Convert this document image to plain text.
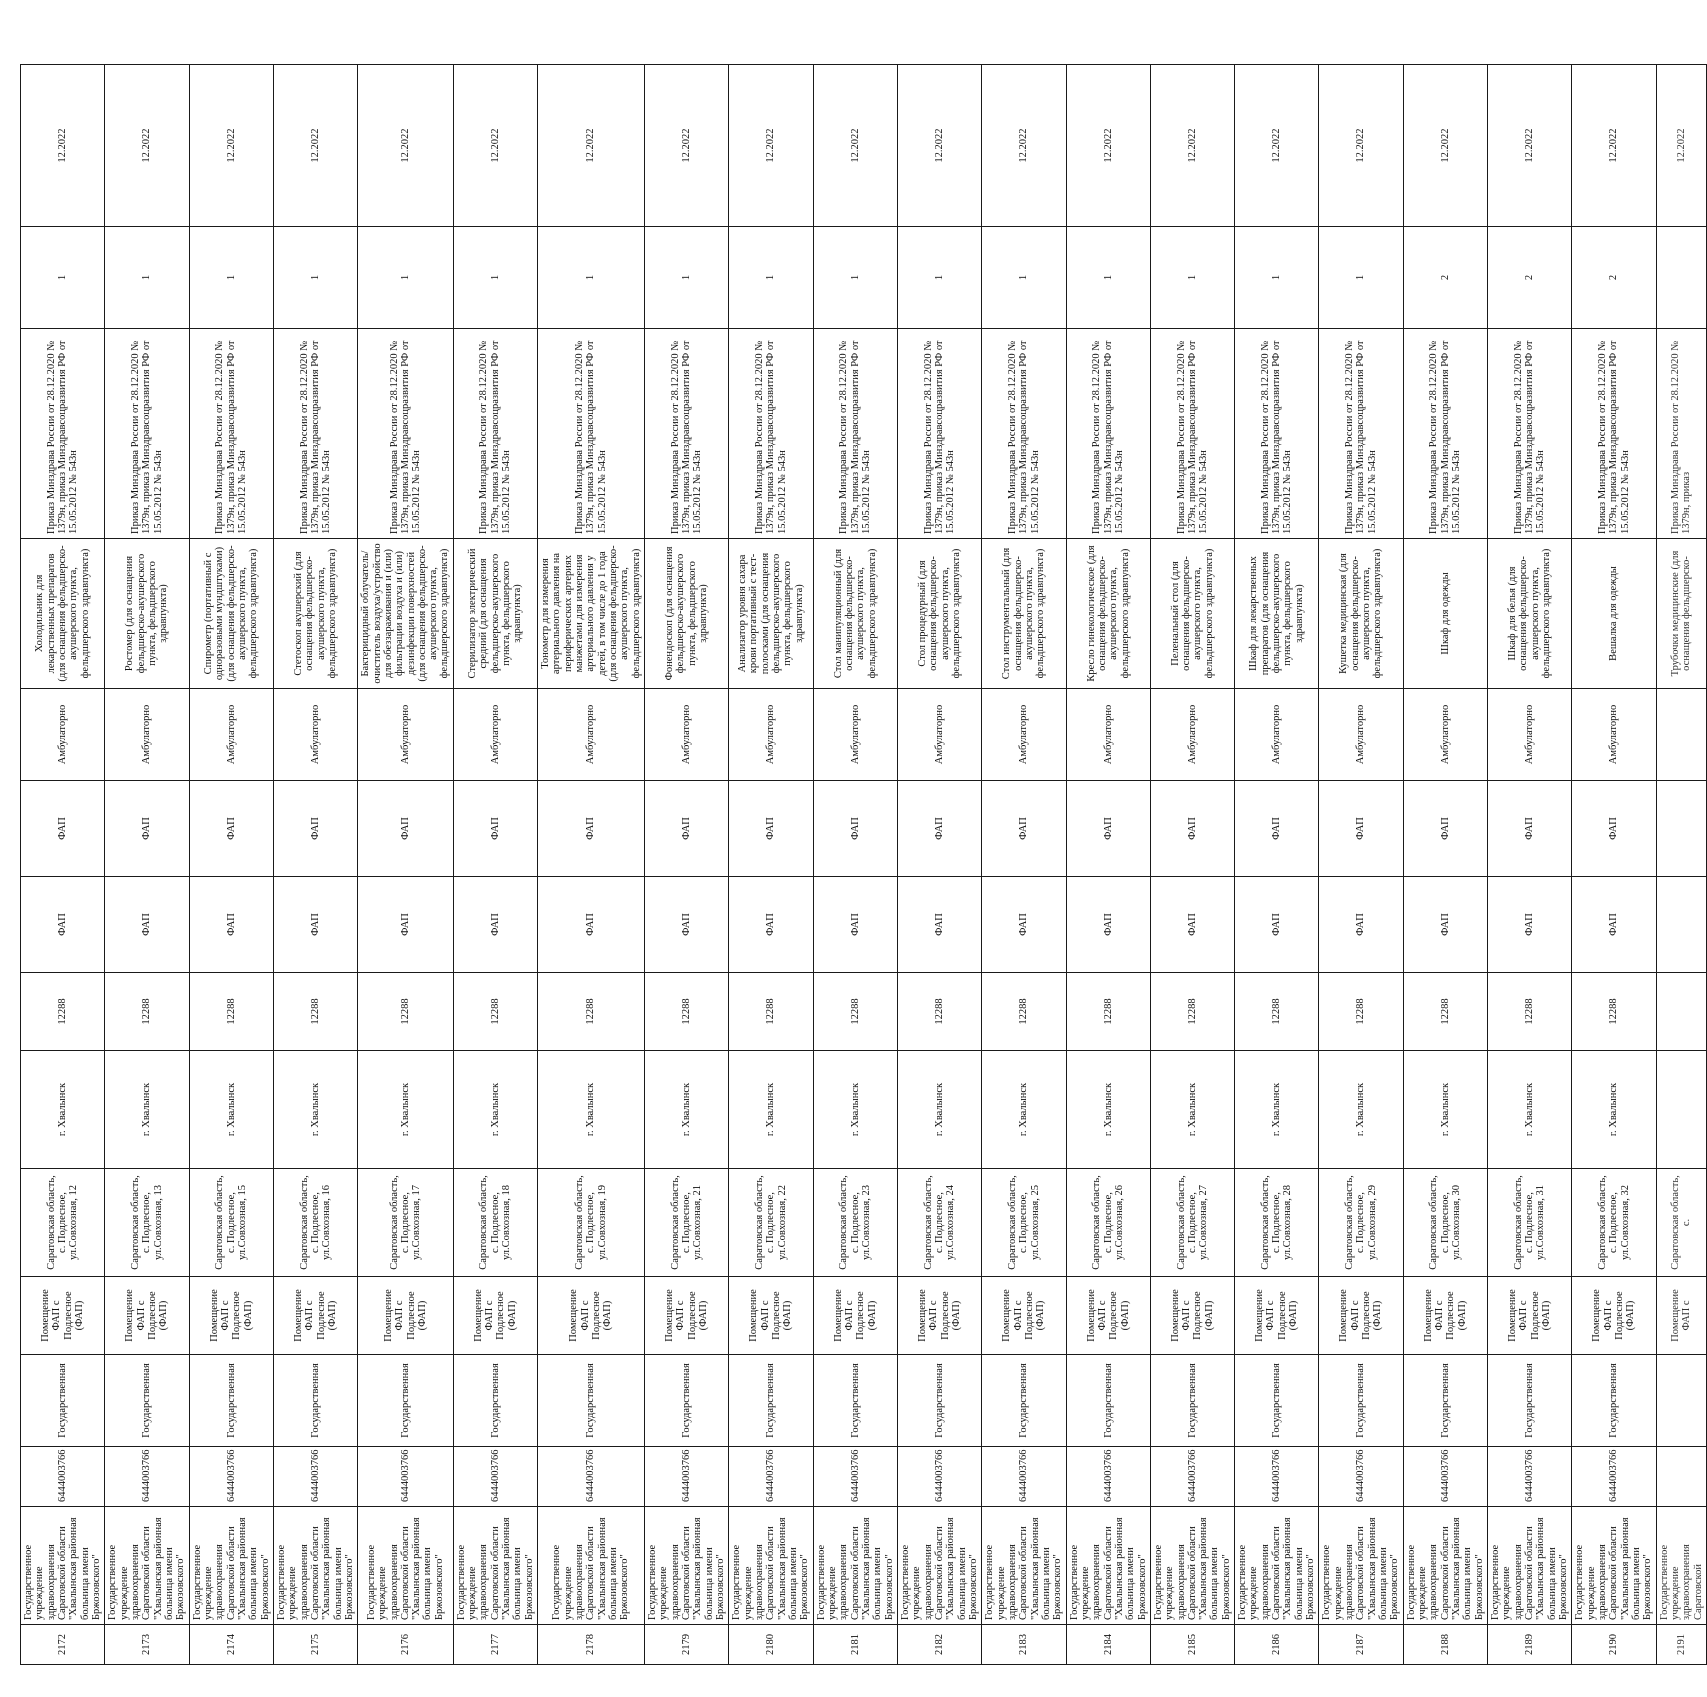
2172	Государственное учреждение здравоохранения Саратовской области "Хвалынская районная больница имени Бржозовского"	6444003766	Государственная	Помещение ФАП с Подлесное (ФАП)	Саратовская область, с. Подлесное, ул.Совхозная, 12	г. Хвалынск	12288	ФАП	ФАП	Амбулаторно	Холодильник для лекарственных препаратов (для оснащения фельдшерско-акушерского пункта, фельдшерского здравпункта)	Приказ Минздрава России от 28.12.2020 № 1379н, приказ Минздравсоцразвития РФ от 15.05.2012 № 543н	1	12.2022
2173	Государственное учреждение здравоохранения Саратовской области "Хвалынская районная больница имени Бржозовского"	6444003766	Государственная	Помещение ФАП с Подлесное (ФАП)	Саратовская область, с. Подлесное, ул.Совхозная, 13	г. Хвалынск	12288	ФАП	ФАП	Амбулаторно	Ростомер (для оснащения фельдшерско-акушерского пункта, фельдшерского здравпункта)	Приказ Минздрава России от 28.12.2020 № 1379н, приказ Минздравсоцразвития РФ от 15.05.2012 № 543н	1	12.2022
2174	Государственное учреждение здравоохранения Саратовской области "Хвалынская районная больница имени Бржозовского"	6444003766	Государственная	Помещение ФАП с Подлесное (ФАП)	Саратовская область, с. Подлесное, ул.Совхозная, 15	г. Хвалынск	12288	ФАП	ФАП	Амбулаторно	Спирометр (портативный с одноразовыми мундштуками) (для оснащения фельдшерско-акушерского пункта, фельдшерского здравпункта)	Приказ Минздрава России от 28.12.2020 № 1379н, приказ Минздравсоцразвития РФ от 15.05.2012 № 543н	1	12.2022
2175	Государственное учреждение здравоохранения Саратовской области "Хвалынская районная больница имени Бржозовского"	6444003766	Государственная	Помещение ФАП с Подлесное (ФАП)	Саратовская область, с. Подлесное, ул.Совхозная, 16	г. Хвалынск	12288	ФАП	ФАП	Амбулаторно	Стетоскоп акушерский (для оснащения фельдшерско-акушерского пункта, фельдшерского здравпункта)	Приказ Минздрава России от 28.12.2020 № 1379н, приказ Минздравсоцразвития РФ от 15.05.2012 № 543н	1	12.2022
2176	Государственное учреждение здравоохранения Саратовской области "Хвалынская районная больница имени Бржозовского"	6444003766	Государственная	Помещение ФАП с Подлесное (ФАП)	Саратовская область, с. Подлесное, ул.Совхозная, 17	г. Хвалынск	12288	ФАП	ФАП	Амбулаторно	Бактерицидный облучатель/очиститель воздуха/устройство для обеззараживания и (или) фильтрации воздуха и (или) дезинфекции поверхностей (для оснащения фельдшерско-акушерского пункта, фельдшерского здравпункта)	Приказ Минздрава России от 28.12.2020 № 1379н, приказ Минздравсоцразвития РФ от 15.05.2012 № 543н	1	12.2022
2177	Государственное учреждение здравоохранения Саратовской области "Хвалынская районная больница имени Бржозовского"	6444003766	Государственная	Помещение ФАП с Подлесное (ФАП)	Саратовская область, с. Подлесное, ул.Совхозная, 18	г. Хвалынск	12288	ФАП	ФАП	Амбулаторно	Стерилизатор электрический средний (для оснащения фельдшерско-акушерского пункта, фельдшерского здравпункта)	Приказ Минздрава России от 28.12.2020 № 1379н, приказ Минздравсоцразвития РФ от 15.05.2012 № 543н	1	12.2022
2178	Государственное учреждение здравоохранения Саратовской области "Хвалынская районная больница имени Бржозовского"	6444003766	Государственная	Помещение ФАП с Подлесное (ФАП)	Саратовская область, с. Подлесное, ул.Совхозная, 19	г. Хвалынск	12288	ФАП	ФАП	Амбулаторно	Тонометр для измерения артериального давления на периферических артериях манжетами для измерения артериального давления у детей, в том числе до 1 года (для оснащения фельдшерско-акушерского пункта, фельдшерского здравпункта)	Приказ Минздрава России от 28.12.2020 № 1379н, приказ Минздравсоцразвития РФ от 15.05.2012 № 543н	1	12.2022
2179	Государственное учреждение здравоохранения Саратовской области "Хвалынская районная больница имени Бржозовского"	6444003766	Государственная	Помещение ФАП с Подлесное (ФАП)	Саратовская область, с. Подлесное, ул.Совхозная, 21	г. Хвалынск	12288	ФАП	ФАП	Амбулаторно	Фонендоскоп (для оснащения фельдшерско-акушерского пункта, фельдшерского здравпункта)	Приказ Минздрава России от 28.12.2020 № 1379н, приказ Минздравсоцразвития РФ от 15.05.2012 № 543н	1	12.2022
2180	Государственное учреждение здравоохранения Саратовской области "Хвалынская районная больница имени Бржозовского"	6444003766	Государственная	Помещение ФАП с Подлесное (ФАП)	Саратовская область, с. Подлесное, ул.Совхозная, 22	г. Хвалынск	12288	ФАП	ФАП	Амбулаторно	Анализатор уровня сахара крови портативный с тест-полосками (для оснащения фельдшерско-акушерского пункта, фельдшерского здравпункта)	Приказ Минздрава России от 28.12.2020 № 1379н, приказ Минздравсоцразвития РФ от 15.05.2012 № 543н	1	12.2022
2181	Государственное учреждение здравоохранения Саратовской области "Хвалынская районная больница имени Бржозовского"	6444003766	Государственная	Помещение ФАП с Подлесное (ФАП)	Саратовская область, с. Подлесное, ул.Совхозная, 23	г. Хвалынск	12288	ФАП	ФАП	Амбулаторно	Стол манипуляционный (для оснащения фельдшерско-акушерского пункта, фельдшерского здравпункта)	Приказ Минздрава России от 28.12.2020 № 1379н, приказ Минздравсоцразвития РФ от 15.05.2012 № 543н	1	12.2022
2182	Государственное учреждение здравоохранения Саратовской области "Хвалынская районная больница имени Бржозовского"	6444003766	Государственная	Помещение ФАП с Подлесное (ФАП)	Саратовская область, с. Подлесное, ул.Совхозная, 24	г. Хвалынск	12288	ФАП	ФАП	Амбулаторно	Стол процедурный (для оснащения фельдшерско-акушерского пункта, фельдшерского здравпункта)	Приказ Минздрава России от 28.12.2020 № 1379н, приказ Минздравсоцразвития РФ от 15.05.2012 № 543н	1	12.2022
2183	Государственное учреждение здравоохранения Саратовской области "Хвалынская районная больница имени Бржозовского"	6444003766	Государственная	Помещение ФАП с Подлесное (ФАП)	Саратовская область, с. Подлесное, ул.Совхозная, 25	г. Хвалынск	12288	ФАП	ФАП	Амбулаторно	Стол инструментальный (для оснащения фельдшерско-акушерского пункта, фельдшерского здравпункта)	Приказ Минздрава России от 28.12.2020 № 1379н, приказ Минздравсоцразвития РФ от 15.05.2012 № 543н	1	12.2022
2184	Государственное учреждение здравоохранения Саратовской области "Хвалынская районная больница имени Бржозовского"	6444003766	Государственная	Помещение ФАП с Подлесное (ФАП)	Саратовская область, с. Подлесное, ул.Совхозная, 26	г. Хвалынск	12288	ФАП	ФАП	Амбулаторно	Кресло гинекологическое (для оснащения фельдшерско-акушерского пункта, фельдшерского здравпункта)	Приказ Минздрава России от 28.12.2020 № 1379н, приказ Минздравсоцразвития РФ от 15.05.2012 № 543н	1	12.2022
2185	Государственное учреждение здравоохранения Саратовской области "Хвалынская районная больница имени Бржозовского"	6444003766	Государственная	Помещение ФАП с Подлесное (ФАП)	Саратовская область, с. Подлесное, ул.Совхозная, 27	г. Хвалынск	12288	ФАП	ФАП	Амбулаторно	Пеленальный стол (для оснащения фельдшерско-акушерского пункта, фельдшерского здравпункта)	Приказ Минздрава России от 28.12.2020 № 1379н, приказ Минздравсоцразвития РФ от 15.05.2012 № 543н	1	12.2022
2186	Государственное учреждение здравоохранения Саратовской области "Хвалынская районная больница имени Бржозовского"	6444003766	Государственная	Помещение ФАП с Подлесное (ФАП)	Саратовская область, с. Подлесное, ул.Совхозная, 28	г. Хвалынск	12288	ФАП	ФАП	Амбулаторно	Шкаф для лекарственных препаратов (для оснащения фельдшерско-акушерского пункта, фельдшерского здравпункта)	Приказ Минздрава России от 28.12.2020 № 1379н, приказ Минздравсоцразвития РФ от 15.05.2012 № 543н	1	12.2022
2187	Государственное учреждение здравоохранения Саратовской области "Хвалынская районная больница имени Бржозовского"	6444003766	Государственная	Помещение ФАП с Подлесное (ФАП)	Саратовская область, с. Подлесное, ул.Совхозная, 29	г. Хвалынск	12288	ФАП	ФАП	Амбулаторно	Кушетка медицинская (для оснащения фельдшерско-акушерского пункта, фельдшерского здравпункта)	Приказ Минздрава России от 28.12.2020 № 1379н, приказ Минздравсоцразвития РФ от 15.05.2012 № 543н	1	12.2022
2188	Государственное учреждение здравоохранения Саратовской области "Хвалынская районная больница имени Бржозовского"	6444003766	Государственная	Помещение ФАП с Подлесное (ФАП)	Саратовская область, с. Подлесное, ул.Совхозная, 30	г. Хвалынск	12288	ФАП	ФАП	Амбулаторно	Шкаф для одежды	Приказ Минздрава России от 28.12.2020 № 1379н, приказ Минздравсоцразвития РФ от 15.05.2012 № 543н	2	12.2022
2189	Государственное учреждение здравоохранения Саратовской области "Хвалынская районная больница имени Бржозовского"	6444003766	Государственная	Помещение ФАП с Подлесное (ФАП)	Саратовская область, с. Подлесное, ул.Совхозная, 31	г. Хвалынск	12288	ФАП	ФАП	Амбулаторно	Шкаф для белья (для оснащения фельдшерско-акушерского пункта, фельдшерского здравпункта)	Приказ Минздрава России от 28.12.2020 № 1379н, приказ Минздравсоцразвития РФ от 15.05.2012 № 543н	2	12.2022
2190	Государственное учреждение здравоохранения Саратовской области "Хвалынская районная больница имени Бржозовского"	6444003766	Государственная	Помещение ФАП с Подлесное (ФАП)	Саратовская область, с. Подлесное, ул.Совхозная, 32	г. Хвалынск	12288	ФАП	ФАП	Амбулаторно	Вешалка для одежды	Приказ Минздрава России от 28.12.2020 № 1379н, приказ Минздравсоцразвития РФ от 15.05.2012 № 543н	2	12.2022
2191	Государственное учреждение здравоохранения Саратовской			Помещение ФАП с	Саратовская область, с.						Трубочки медицинские (для оснащения фельдшерско-	Приказ Минздрава России от 28.12.2020 № 1379н, приказ		12.2022
